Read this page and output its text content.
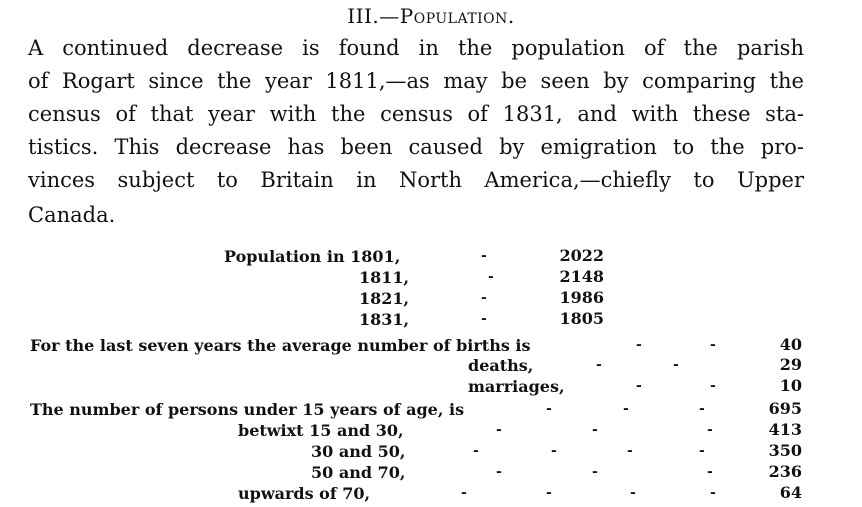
III.—Population.
A continued decrease is found in the population of the parish
of Rogart since the year 1811,—as may be seen by comparing the
census of that year with the census of 1831, and with these sta-
tistics. This decrease has been caused by emigration to the pro-
vinces subject to Britain in North America,—chiefly to Upper
Canada.
Population in 1801,	-	2022
1811,	-	2148
1821,	-	1986
1831,	-	1805
For the last seven years the average number of births is	-	-	40
deaths,	-	-	29
marriages,	-	-	10
The number of persons under 15 years of age, is	-	-	-	695
betwixt 15 and 30,	-	-	-	413
30 and 50,	-	-	-	-	350
50 and 70,	-	-	-	236
upwards of 70,	-	-	-	-	64
